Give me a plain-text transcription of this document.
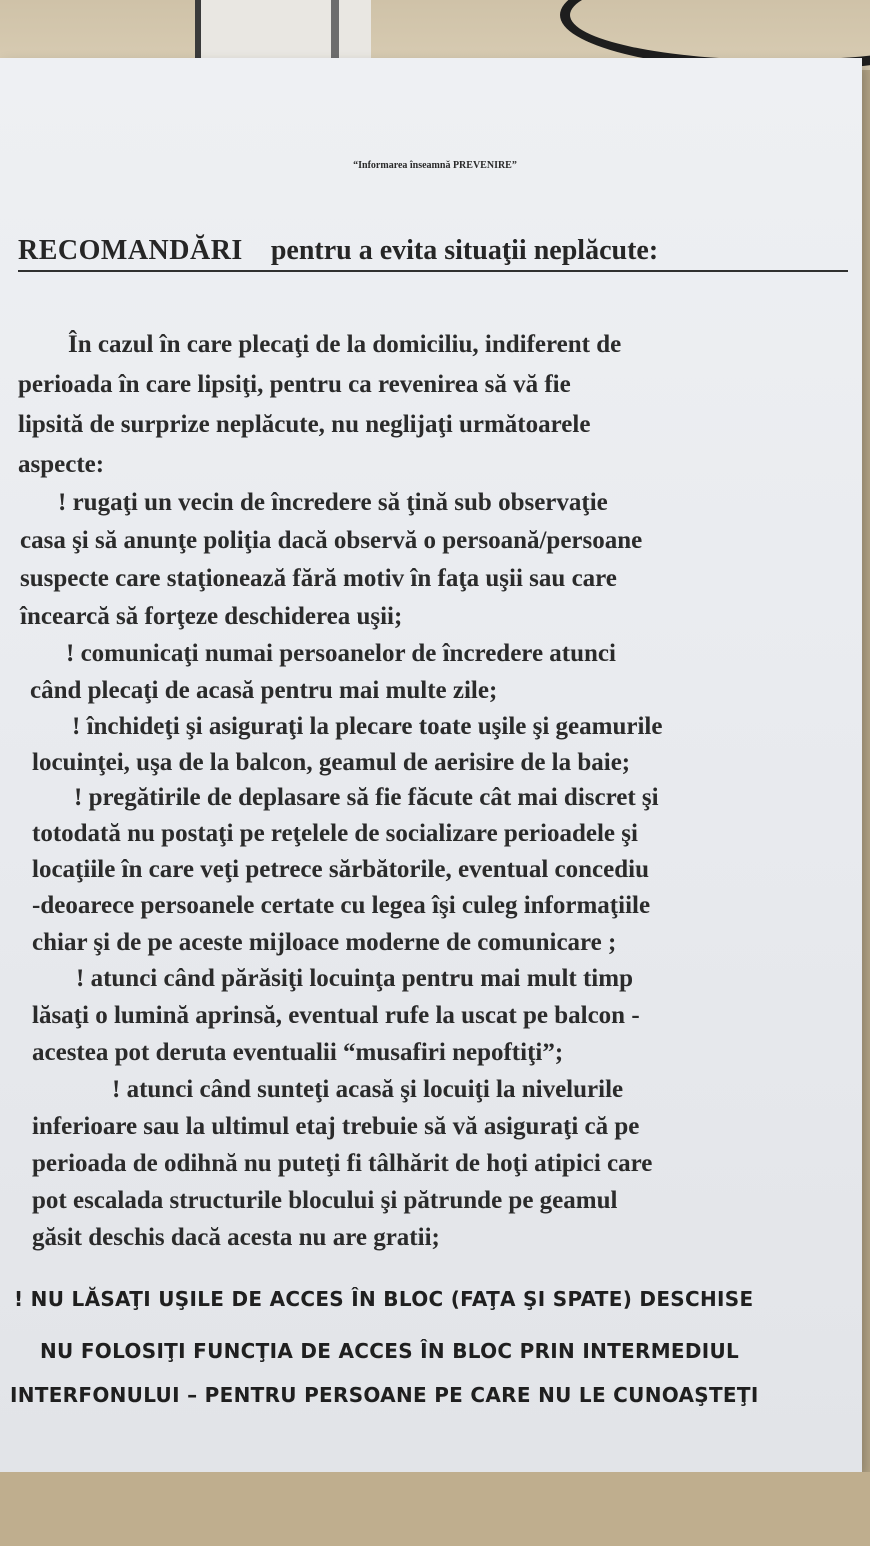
“Informarea înseamnă PREVENIRE”

RECOMANDĂRI pentru a evita situaţii neplăcute:

În cazul în care plecaţi de la domiciliu, indiferent de

perioada în care lipsiţi, pentru ca revenirea să vă fie

lipsită de surprize neplăcute, nu neglijaţi următoarele

aspecte:

! rugaţi un vecin de încredere să ţină sub observaţie

casa şi să anunţe poliţia dacă observă o persoană/persoane

suspecte care staţionează fără motiv în faţa uşii sau care

încearcă să forţeze deschiderea uşii;

! comunicaţi numai persoanelor de încredere atunci

când plecaţi de acasă pentru mai multe zile;

! închideţi şi asiguraţi la plecare toate uşile şi geamurile

locuinţei, uşa de la balcon, geamul de aerisire de la baie;

! pregătirile de deplasare să fie făcute cât mai discret şi

totodată nu postaţi pe reţelele de socializare perioadele şi

locaţiile în care veţi petrece sărbătorile, eventual concediu

-deoarece persoanele certate cu legea îşi culeg informaţiile

chiar şi de pe aceste mijloace moderne de comunicare ;

! atunci când părăsiţi locuinţa pentru mai mult timp

lăsaţi o lumină aprinsă, eventual rufe la uscat pe balcon -

acestea pot deruta eventualii “musafiri nepoftiţi”;

! atunci când sunteţi acasă şi locuiţi la nivelurile

inferioare sau la ultimul etaj trebuie să vă asiguraţi că pe

perioada de odihnă nu puteţi fi tâlhărit de hoţi atipici care

pot escalada structurile blocului şi pătrunde pe geamul

găsit deschis dacă acesta nu are gratii;

! NU LĂSAŢI UŞILE DE ACCES ÎN BLOC (FAŢA ŞI SPATE) DESCHISE

NU FOLOSIŢI FUNCŢIA DE ACCES ÎN BLOC PRIN INTERMEDIUL

INTERFONULUI – PENTRU PERSOANE PE CARE NU LE CUNOAŞTEŢI
